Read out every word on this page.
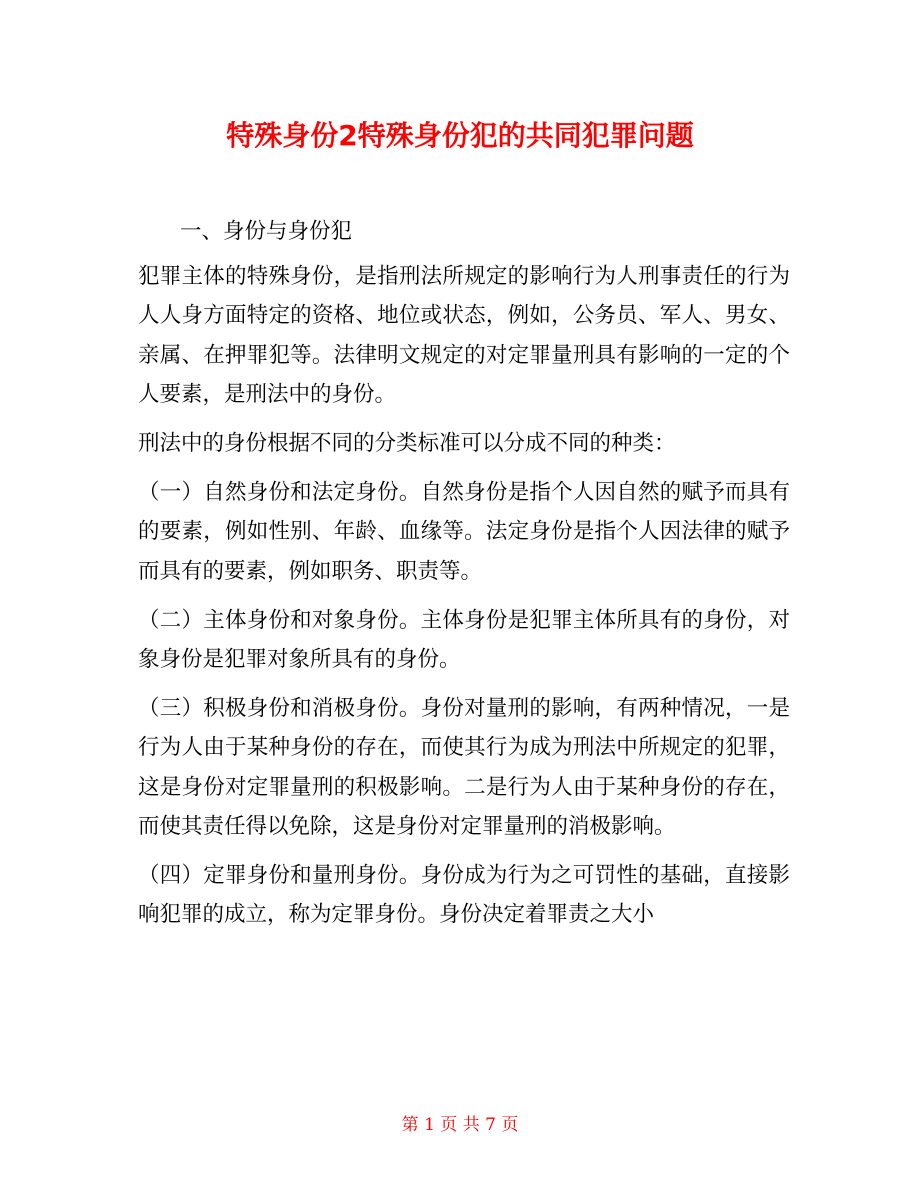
特殊身份2特殊身份犯的共同犯罪问题

一、身份与身份犯

犯罪主体的特殊身份，是指刑法所规定的影响行为人刑事责任的行为人人身方面特定的资格、地位或状态，例如，公务员、军人、男女、亲属、在押罪犯等。法律明文规定的对定罪量刑具有影响的一定的个人要素，是刑法中的身份。

刑法中的身份根据不同的分类标准可以分成不同的种类：

（一）自然身份和法定身份。自然身份是指个人因自然的赋予而具有的要素，例如性别、年龄、血缘等。法定身份是指个人因法律的赋予而具有的要素，例如职务、职责等。

（二）主体身份和对象身份。主体身份是犯罪主体所具有的身份，对象身份是犯罪对象所具有的身份。

（三）积极身份和消极身份。身份对量刑的影响，有两种情况，一是行为人由于某种身份的存在，而使其行为成为刑法中所规定的犯罪，这是身份对定罪量刑的积极影响。二是行为人由于某种身份的存在，而使其责任得以免除，这是身份对定罪量刑的消极影响。

（四）定罪身份和量刑身份。身份成为行为之可罚性的基础，直接影响犯罪的成立，称为定罪身份。身份决定着罪责之大小

第 1 页 共 7 页
